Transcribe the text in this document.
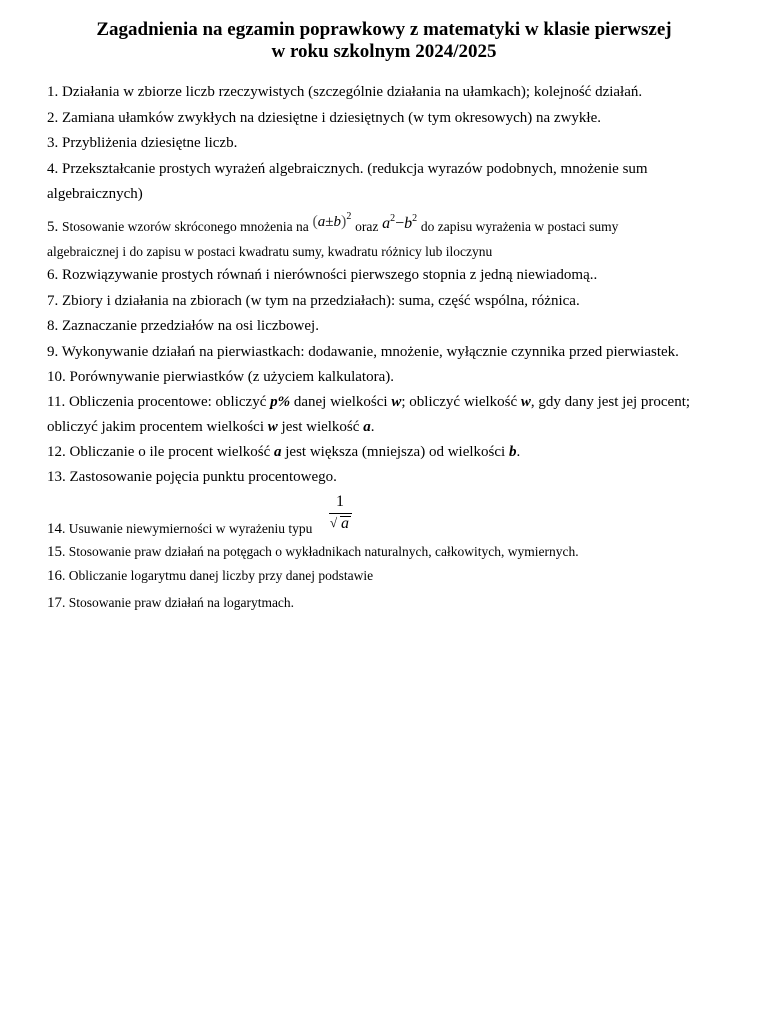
Zagadnienia na egzamin poprawkowy z matematyki w klasie pierwszej
w roku szkolnym 2024/2025
1. Działania w zbiorze liczb rzeczywistych (szczególnie działania na ułamkach); kolejność działań.
2. Zamiana ułamków zwykłych na dziesiętne i dziesiętnych (w tym okresowych) na zwykłe.
3. Przybliżenia dziesiętne liczb.
4. Przekształcanie prostych wyrażeń algebraicznych. (redukcja wyrazów podobnych, mnożenie sum
algebraicznych)
5. Stosowanie wzorów skróconego mnożenia na $(a\pm b)^2$ oraz $a^2-b^2$ do zapisu wyrażenia w postaci sumy
algebraicznej i do zapisu w postaci kwadratu sumy, kwadratu różnicy lub iloczynu
6. Rozwiązywanie prostych równań i nierówności pierwszego stopnia z jedną niewiadomą..
7. Zbiory i działania na zbiorach (w tym na przedziałach): suma, część wspólna, różnica.
8. Zaznaczanie przedziałów na osi liczbowej.
9. Wykonywanie działań na pierwiastkach: dodawanie, mnożenie, wyłącznie czynnika przed pierwiastek.
10. Porównywanie pierwiastków (z użyciem kalkulatora).
11. Obliczenia procentowe: obliczyć p% danej wielkości w; obliczyć wielkość w, gdy dany jest jej procent;
obliczyć jakim procentem wielkości w jest wielkość a.
12. Obliczanie o ile procent wielkość a jest większa (mniejsza) od wielkości b.
13. Zastosowanie pojęcia punktu procentowego.
14. Usuwanie niewymierności w wyrażeniu typu
1
√ a
15. Stosowanie praw działań na potęgach o wykładnikach naturalnych, całkowitych, wymiernych.
16. Obliczanie logarytmu danej liczby przy danej podstawie
17. Stosowanie praw działań na logarytmach.
